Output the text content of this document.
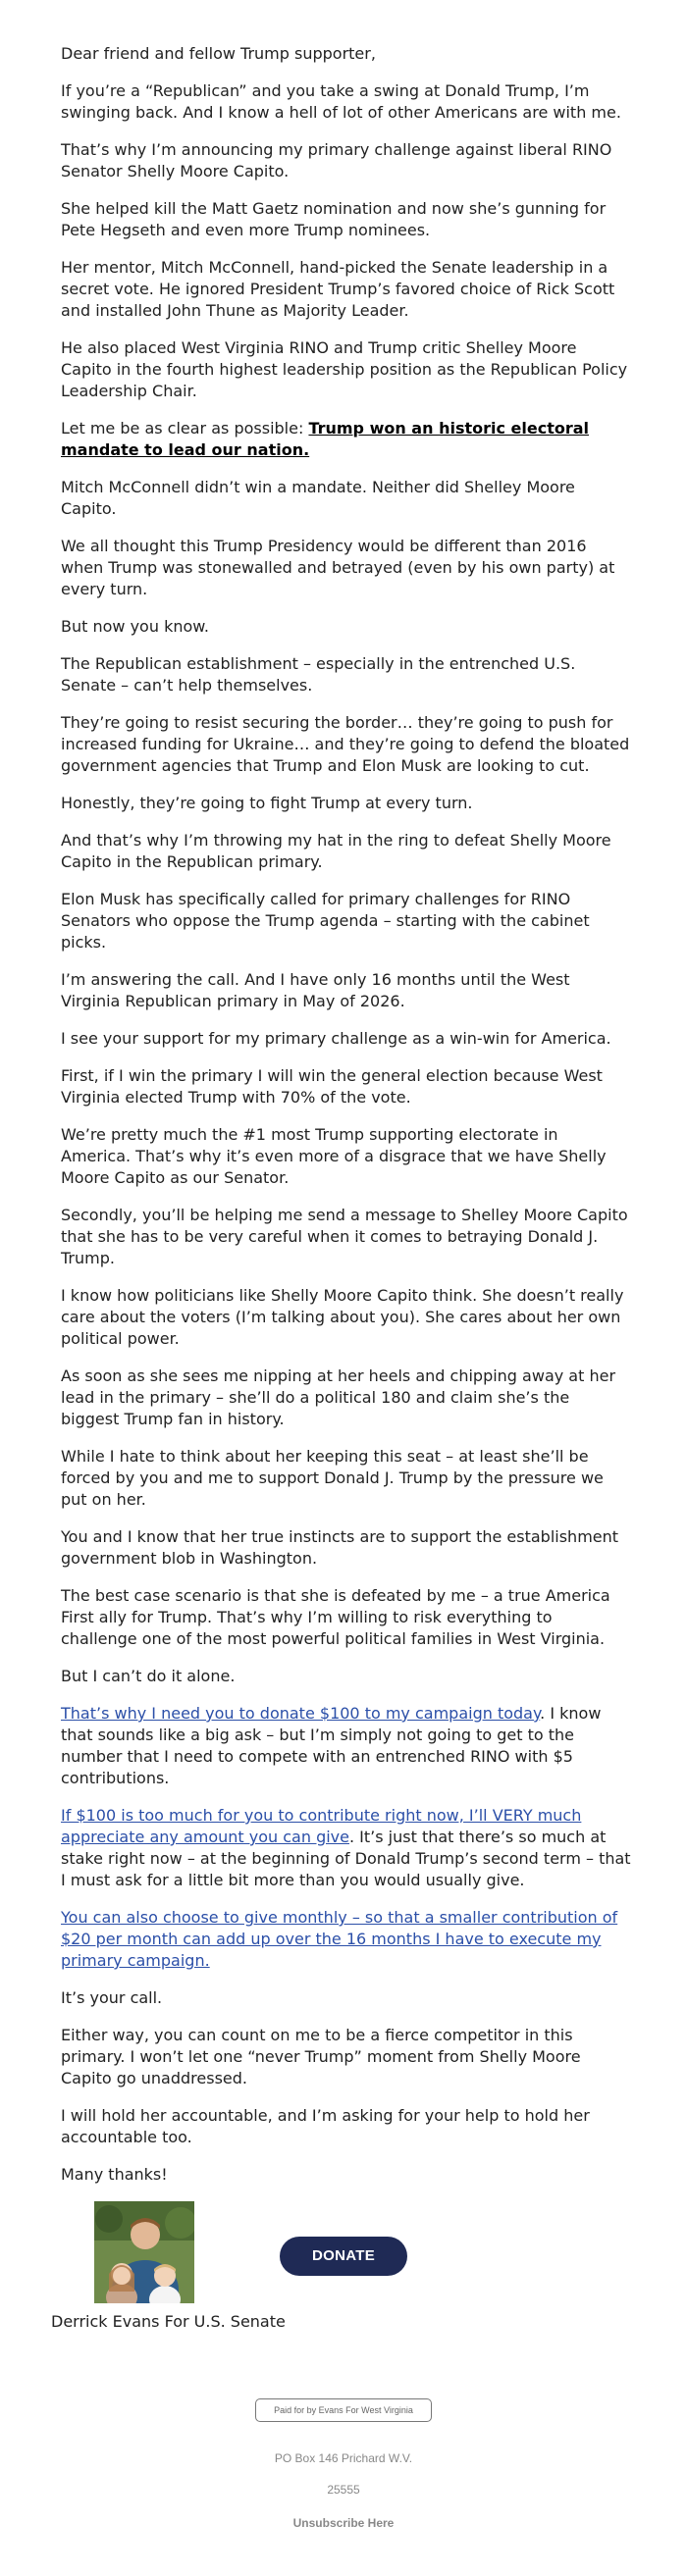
Dear friend and fellow Trump supporter,

If you’re a “Republican” and you take a swing at Donald Trump, I’m swinging back. And I know a hell of lot of other Americans are with me.

That’s why I’m announcing my primary challenge against liberal RINO Senator Shelly Moore Capito.

She helped kill the Matt Gaetz nomination and now she’s gunning for Pete Hegseth and even more Trump nominees.

Her mentor, Mitch McConnell, hand-picked the Senate leadership in a secret vote. He ignored President Trump’s favored choice of Rick Scott and installed John Thune as Majority Leader.

He also placed West Virginia RINO and Trump critic Shelley Moore Capito in the fourth highest leadership position as the Republican Policy Leadership Chair.

Let me be as clear as possible: Trump won an historic electoral mandate to lead our nation.

Mitch McConnell didn’t win a mandate. Neither did Shelley Moore Capito.

We all thought this Trump Presidency would be different than 2016 when Trump was stonewalled and betrayed (even by his own party) at every turn.

But now you know.

The Republican establishment – especially in the entrenched U.S. Senate – can’t help themselves.

They’re going to resist securing the border… they’re going to push for increased funding for Ukraine… and they’re going to defend the bloated government agencies that Trump and Elon Musk are looking to cut.

Honestly, they’re going to fight Trump at every turn.

And that’s why I’m throwing my hat in the ring to defeat Shelly Moore Capito in the Republican primary.

Elon Musk has specifically called for primary challenges for RINO Senators who oppose the Trump agenda – starting with the cabinet picks.

I’m answering the call. And I have only 16 months until the West Virginia Republican primary in May of 2026.

I see your support for my primary challenge as a win-win for America.

First, if I win the primary I will win the general election because West Virginia elected Trump with 70% of the vote.

We’re pretty much the #1 most Trump supporting electorate in America. That’s why it’s even more of a disgrace that we have Shelly Moore Capito as our Senator.

Secondly, you’ll be helping me send a message to Shelley Moore Capito that she has to be very careful when it comes to betraying Donald J. Trump.

I know how politicians like Shelly Moore Capito think. She doesn’t really care about the voters (I’m talking about you). She cares about her own political power.

As soon as she sees me nipping at her heels and chipping away at her lead in the primary – she’ll do a political 180 and claim she’s the biggest Trump fan in history.

While I hate to think about her keeping this seat – at least she’ll be forced by you and me to support Donald J. Trump by the pressure we put on her.

You and I know that her true instincts are to support the establishment government blob in Washington.

The best case scenario is that she is defeated by me – a true America First ally for Trump. That’s why I’m willing to risk everything to challenge one of the most powerful political families in West Virginia.

But I can’t do it alone.

That’s why I need you to donate $100 to my campaign today. I know that sounds like a big ask – but I’m simply not going to get to the number that I need to compete with an entrenched RINO with $5 contributions.

If $100 is too much for you to contribute right now, I’ll VERY much appreciate any amount you can give. It’s just that there’s so much at stake right now – at the beginning of Donald Trump’s second term – that I must ask for a little bit more than you would usually give.

You can also choose to give monthly – so that a smaller contribution of $20 per month can add up over the 16 months I have to execute my primary campaign.

It’s your call.

Either way, you can count on me to be a fierce competitor in this primary. I won’t let one “never Trump” moment from Shelly Moore Capito go unaddressed.

I will hold her accountable, and I’m asking for your help to hold her accountable too.

Many thanks!

Derrick Evans For U.S. Senate
DONATE
Paid for by Evans For West Virginia
PO Box 146 Prichard W.V.
25555
Unsubscribe Here
